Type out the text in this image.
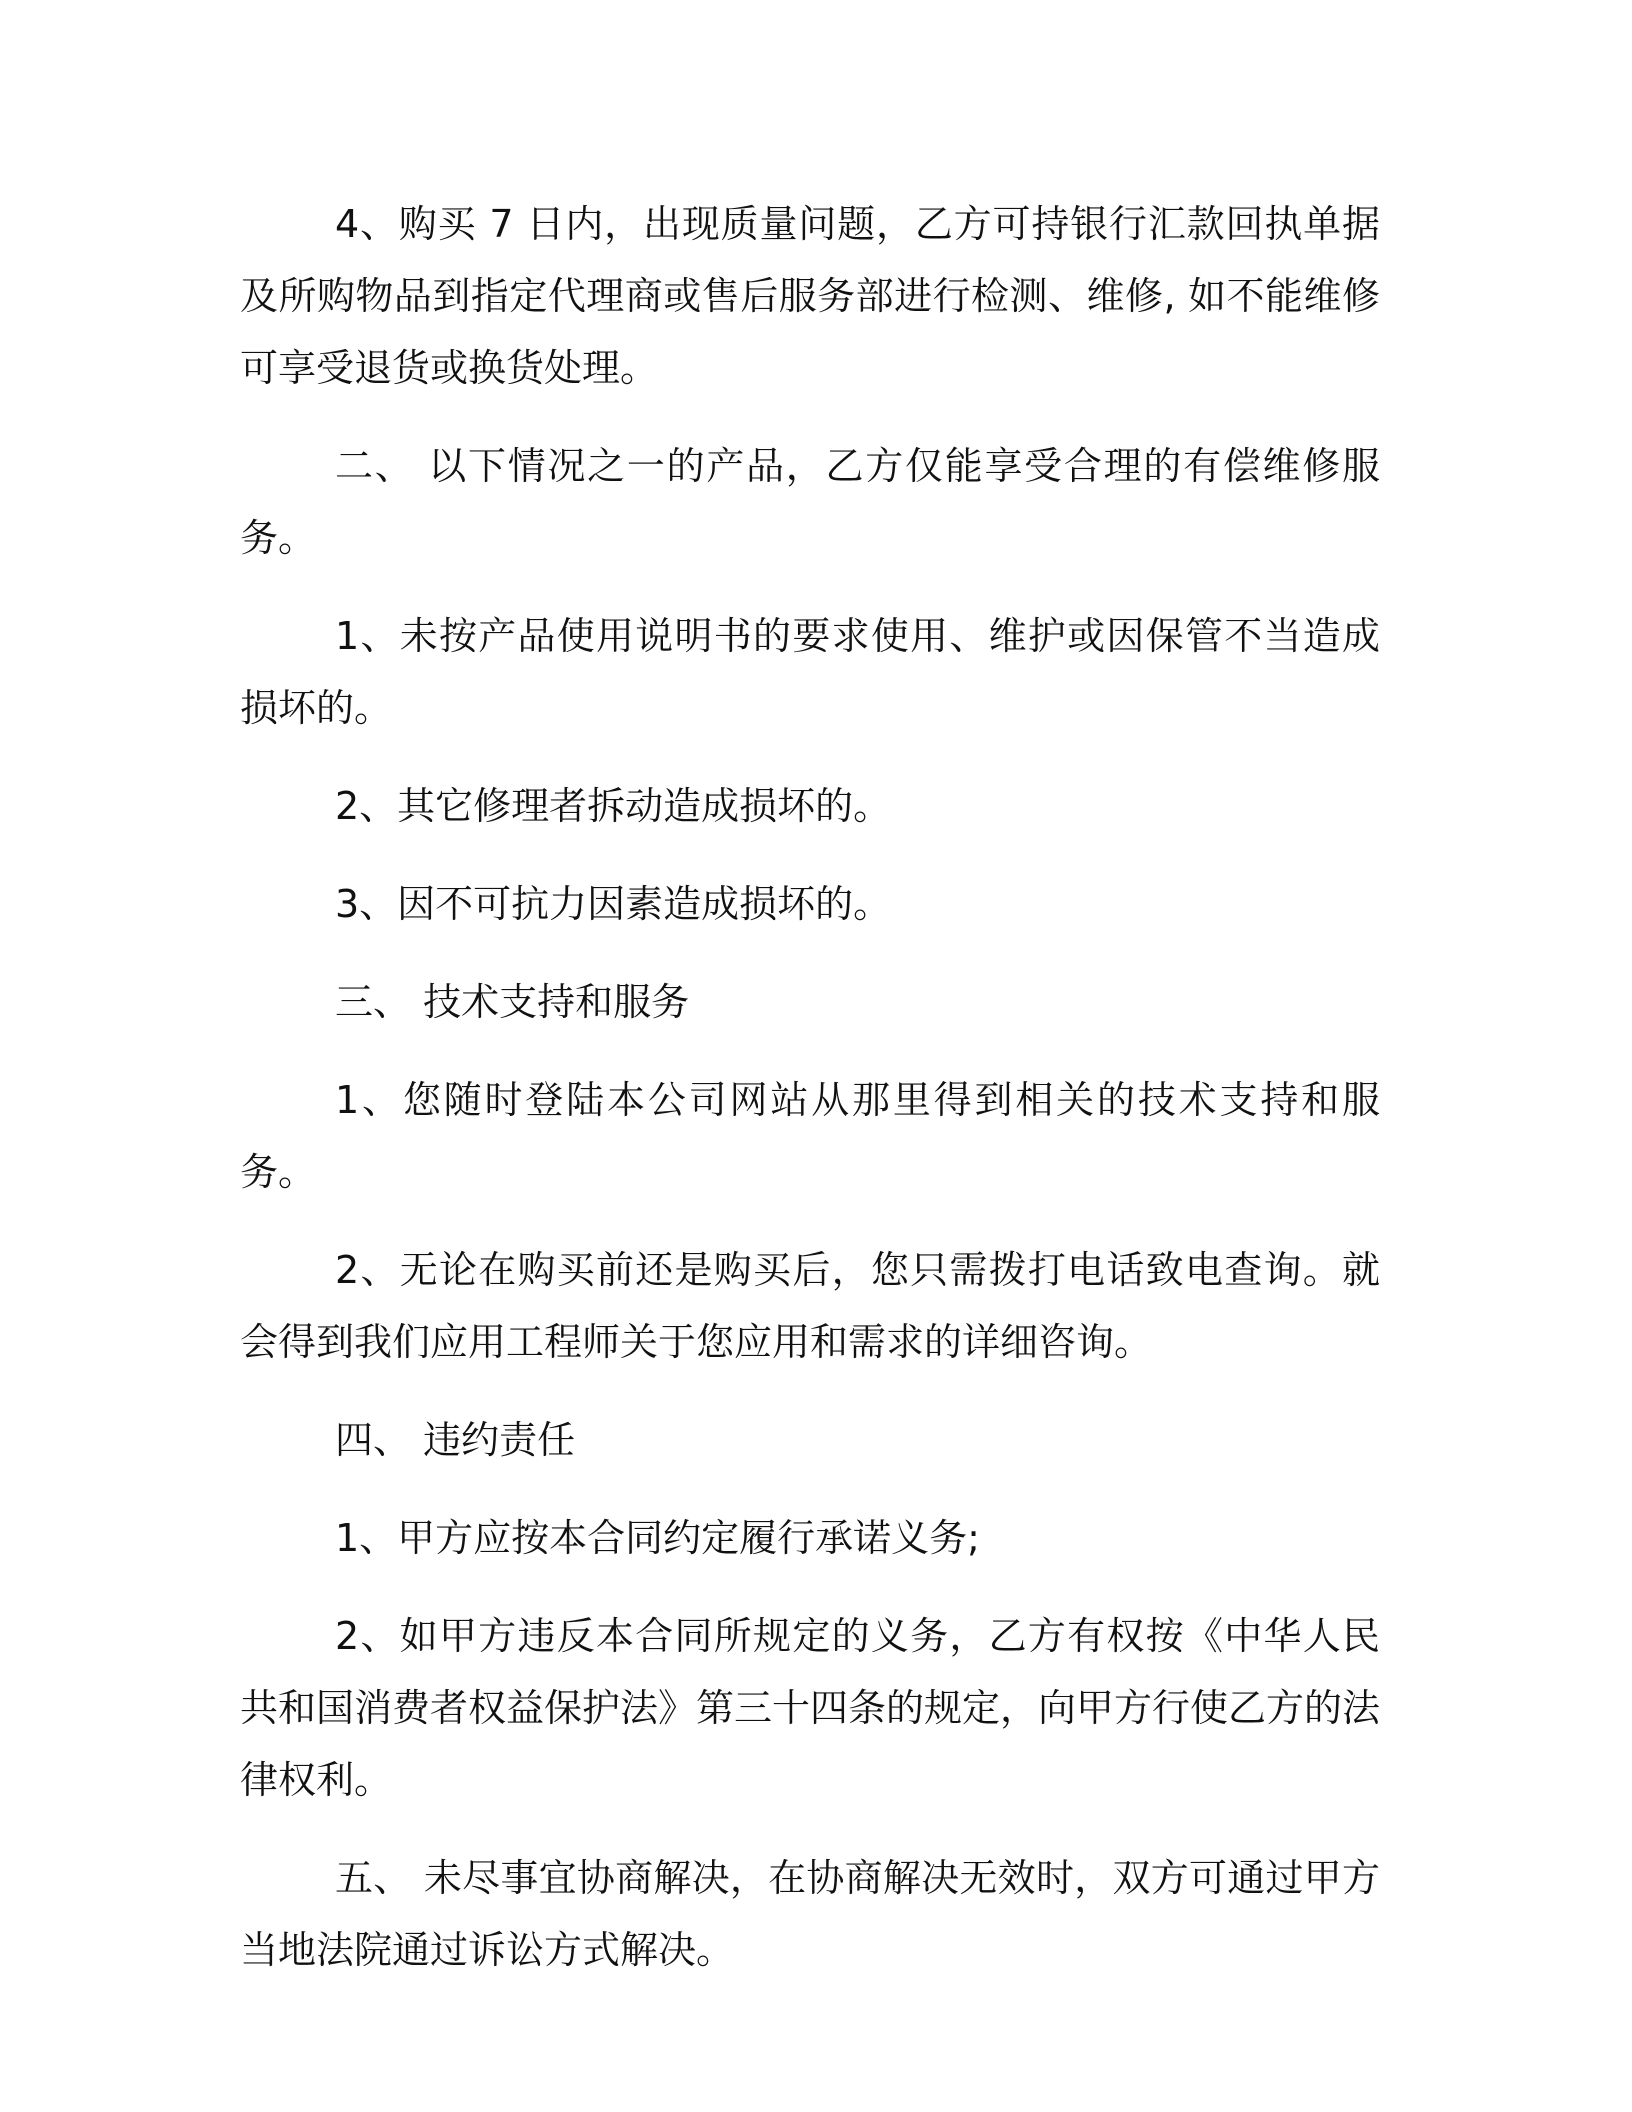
4、购买 7 日内，出现质量问题，乙方可持银行汇款回执单据及所购物品到指定代理商或售后服务部进行检测、维修, 如不能维修可享受退货或换货处理。

二、 以下情况之一的产品，乙方仅能享受合理的有偿维修服务。

1、未按产品使用说明书的要求使用、维护或因保管不当造成损坏的。

2、其它修理者拆动造成损坏的。

3、因不可抗力因素造成损坏的。

三、 技术支持和服务

1、您随时登陆本公司网站从那里得到相关的技术支持和服务。

2、无论在购买前还是购买后，您只需拨打电话致电查询。就会得到我们应用工程师关于您应用和需求的详细咨询。

四、 违约责任

1、甲方应按本合同约定履行承诺义务;

2、如甲方违反本合同所规定的义务，乙方有权按《中华人民共和国消费者权益保护法》第三十四条的规定，向甲方行使乙方的法律权利。

五、 未尽事宜协商解决，在协商解决无效时，双方可通过甲方当地法院通过诉讼方式解决。
